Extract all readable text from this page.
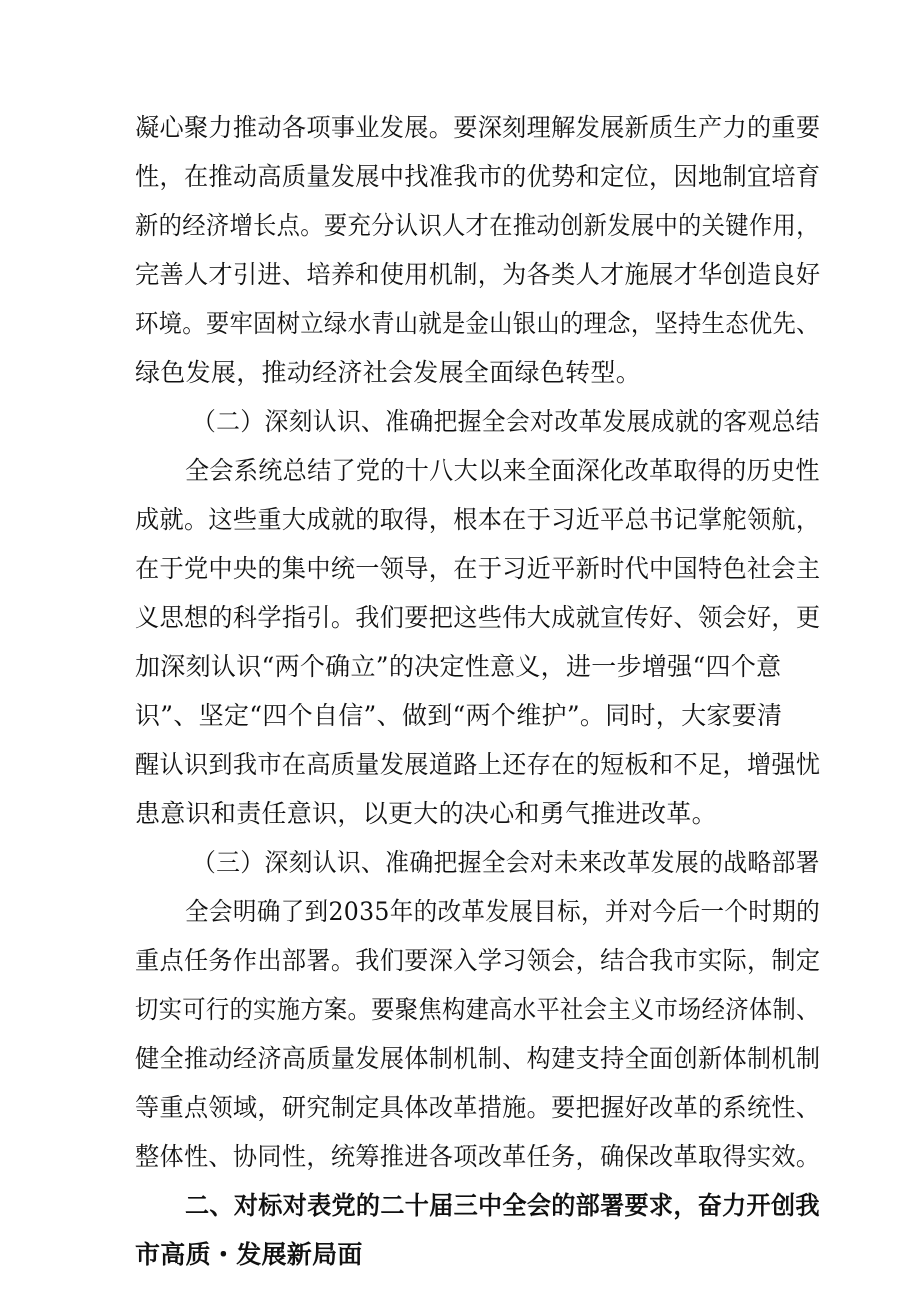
凝心聚力推动各项事业发展。要深刻理解发展新质生产力的重要
性，在推动高质量发展中找准我市的优势和定位，因地制宜培育
新的经济增长点。要充分认识人才在推动创新发展中的关键作用，
完善人才引进、培养和使用机制，为各类人才施展才华创造良好
环境。要牢固树立绿水青山就是金山银山的理念，坚持生态优先、
绿色发展，推动经济社会发展全面绿色转型。
（二）深刻认识、准确把握全会对改革发展成就的客观总结
全会系统总结了党的十八大以来全面深化改革取得的历史性
成就。这些重大成就的取得，根本在于习近平总书记掌舵领航，
在于党中央的集中统一领导，在于习近平新时代中国特色社会主
义思想的科学指引。我们要把这些伟大成就宣传好、领会好，更
加深刻认识“两个确立”的决定性意义，进一步增强“四个意
识”、坚定“四个自信”、做到“两个维护”。同时，大家要清
醒认识到我市在高质量发展道路上还存在的短板和不足，增强忧
患意识和责任意识，以更大的决心和勇气推进改革。
（三）深刻认识、准确把握全会对未来改革发展的战略部署
全会明确了到2035年的改革发展目标，并对今后一个时期的
重点任务作出部署。我们要深入学习领会，结合我市实际，制定
切实可行的实施方案。要聚焦构建高水平社会主义市场经济体制、
健全推动经济高质量发展体制机制、构建支持全面创新体制机制
等重点领域，研究制定具体改革措施。要把握好改革的系统性、
整体性、协同性，统筹推进各项改革任务，确保改革取得实效。
二、对标对表党的二十届三中全会的部署要求，奋力开创我
市高质・发展新局面
